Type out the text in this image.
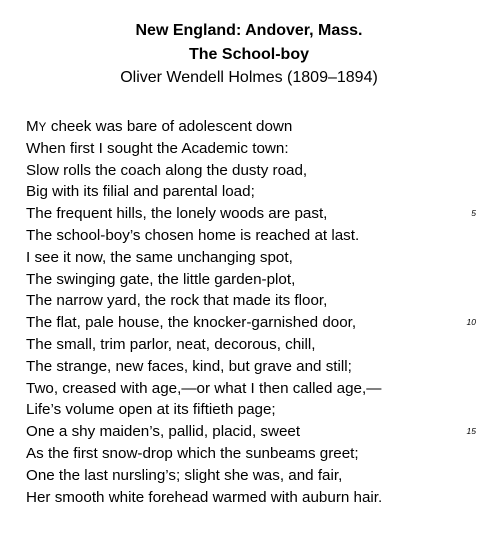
New England: Andover, Mass.
The School-boy
Oliver Wendell Holmes (1809–1894)
MY cheek was bare of adolescent down
When first I sought the Academic town:
Slow rolls the coach along the dusty road,
Big with its filial and parental load;
The frequent hills, the lonely woods are past,	5
The school-boy’s chosen home is reached at last.
I see it now, the same unchanging spot,
The swinging gate, the little garden-plot,
The narrow yard, the rock that made its floor,
The flat, pale house, the knocker-garnished door,	10
The small, trim parlor, neat, decorous, chill,
The strange, new faces, kind, but grave and still;
Two, creased with age,—or what I then called age,—
Life’s volume open at its fiftieth page;
One a shy maiden’s, pallid, placid, sweet	15
As the first snow-drop which the sunbeams greet;
One the last nursling’s; slight she was, and fair,
Her smooth white forehead warmed with auburn hair.
